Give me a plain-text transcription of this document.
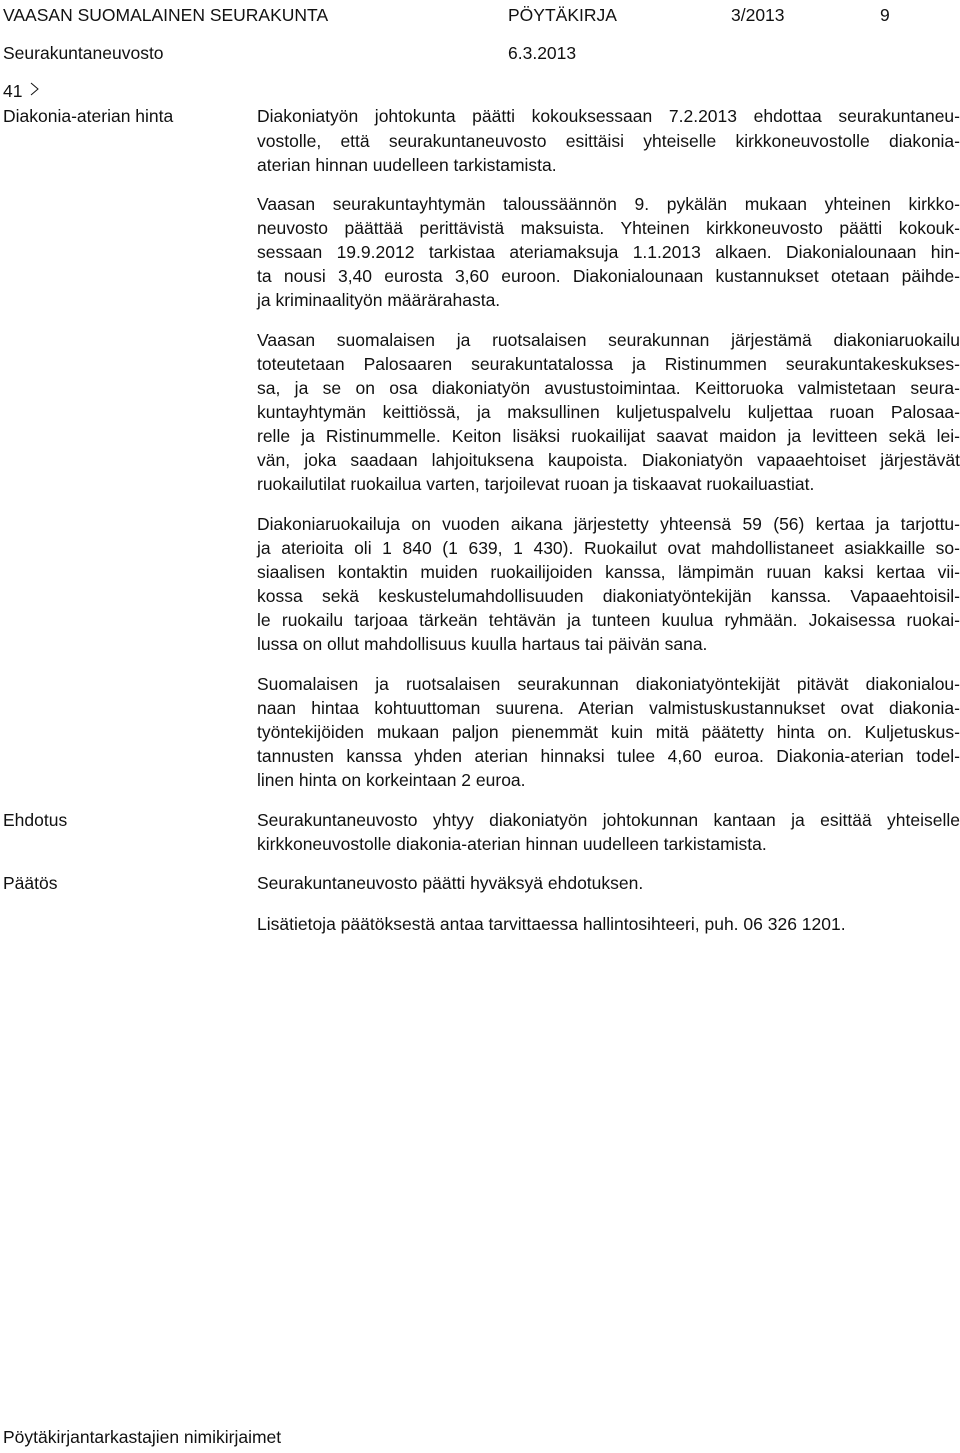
VAASAN SUOMALAINEN SEURAKUNTA	PÖYTÄKIRJA	3/2013	9
Seurakuntaneuvosto	6.3.2013
41
Diakonia-aterian hinta	Diakoniatyön johtokunta päätti kokouksessaan 7.2.2013 ehdottaa seurakuntaneu-
vostolle, että seurakuntaneuvosto esittäisi yhteiselle kirkkoneuvostolle diakonia-
aterian hinnan uudelleen tarkistamista.
Vaasan seurakuntayhtymän taloussäännön 9. pykälän mukaan yhteinen kirkko-
neuvosto päättää perittävistä maksuista. Yhteinen kirkkoneuvosto päätti kokouk-
sessaan 19.9.2012 tarkistaa ateriamaksuja 1.1.2013 alkaen. Diakonialounaan hin-
ta nousi 3,40 eurosta 3,60 euroon. Diakonialounaan kustannukset otetaan päihde-
ja kriminaalityön määrärahasta.
Vaasan suomalaisen ja ruotsalaisen seurakunnan järjestämä diakoniaruokailu
toteutetaan Palosaaren seurakuntatalossa ja Ristinummen seurakuntakeskukses-
sa, ja se on osa diakoniatyön avustustoimintaa. Keittoruoka valmistetaan seura-
kuntayhtymän keittiössä, ja maksullinen kuljetuspalvelu kuljettaa ruoan Palosaa-
relle ja Ristinummelle. Keiton lisäksi ruokailijat saavat maidon ja levitteen sekä lei-
vän, joka saadaan lahjoituksena kaupoista. Diakoniatyön vapaaehtoiset järjestävät
ruokailutilat ruokailua varten, tarjoilevat ruoan ja tiskaavat ruokailuastiat.
Diakoniaruokailuja on vuoden aikana järjestetty yhteensä 59 (56) kertaa ja tarjottu-
ja aterioita oli 1 840 (1 639, 1 430). Ruokailut ovat mahdollistaneet asiakkaille so-
siaalisen kontaktin muiden ruokailijoiden kanssa, lämpimän ruuan kaksi kertaa vii-
kossa sekä keskustelumahdollisuuden diakoniatyöntekijän kanssa. Vapaaehtoisil-
le ruokailu tarjoaa tärkeän tehtävän ja tunteen kuulua ryhmään. Jokaisessa ruokai-
lussa on ollut mahdollisuus kuulla hartaus tai päivän sana.
Suomalaisen ja ruotsalaisen seurakunnan diakoniatyöntekijät pitävät diakonialou-
naan hintaa kohtuuttoman suurena. Aterian valmistuskustannukset ovat diakonia-
työntekijöiden mukaan paljon pienemmät kuin mitä päätetty hinta on. Kuljetuskus-
tannusten kanssa yhden aterian hinnaksi tulee 4,60 euroa. Diakonia-aterian todel-
linen hinta on korkeintaan 2 euroa.
Ehdotus	Seurakuntaneuvosto yhtyy diakoniatyön johtokunnan kantaan ja esittää yhteiselle
kirkkoneuvostolle diakonia-aterian hinnan uudelleen tarkistamista.
Päätös	Seurakuntaneuvosto päätti hyväksyä ehdotuksen.
Lisätietoja päätöksestä antaa tarvittaessa hallintosihteeri, puh. 06 326 1201.
Pöytäkirjantarkastajien nimikirjaimet
